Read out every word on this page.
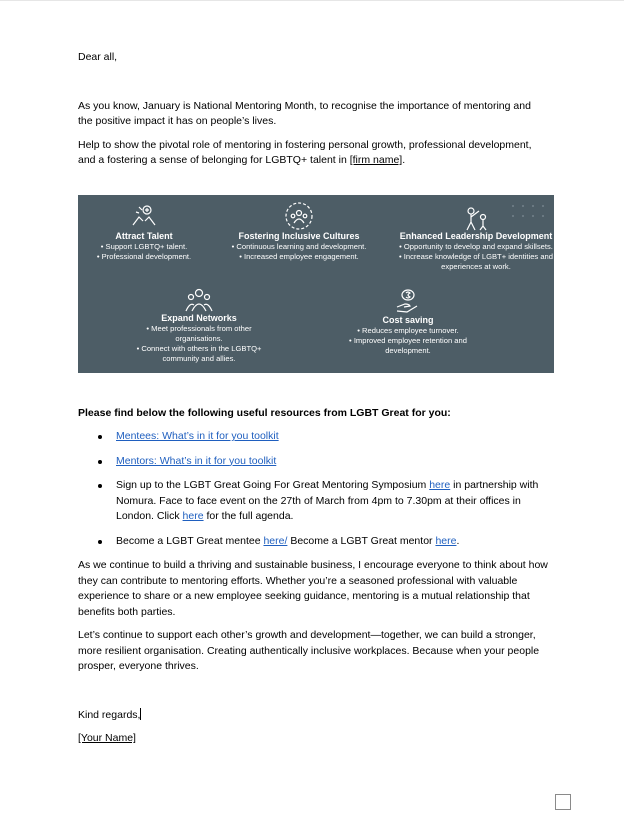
Dear all,

As you know, January is National Mentoring Month, to recognise the importance of mentoring and the positive impact it has on people’s lives.

Help to show the pivotal role of mentoring in fostering personal growth, professional development, and a fostering a sense of belonging for LGBTQ+ talent in [firm name].

Attract Talent
• Support LGBTQ+ talent.
• Professional development.
Fostering Inclusive Cultures
• Continuous learning and development.
• Increased employee engagement.
Enhanced Leadership Development
• Opportunity to develop and expand skillsets.
• Increase knowledge of LGBT+ identities and experiences at work.
Expand Networks
• Meet professionals from other organisations.
• Connect with others in the LGBTQ+ community and allies.
Cost saving
• Reduces employee turnover.
• Improved employee retention and development.

Please find below the following useful resources from LGBT Great for you:

Mentees: What’s in it for you toolkit
Mentors: What’s in it for you toolkit
Sign up to the LGBT Great Going For Great Mentoring Symposium here in partnership with Nomura. Face to face event on the 27th of March from 4pm to 7.30pm at their offices in London. Click here for the full agenda.
Become a LGBT Great mentee here/ Become a LGBT Great mentor here.

As we continue to build a thriving and sustainable business, I encourage everyone to think about how they can contribute to mentoring efforts. Whether you’re a seasoned professional with valuable experience to share or a new employee seeking guidance, mentoring is a mutual relationship that benefits both parties.

Let’s continue to support each other’s growth and development—together, we can build a stronger, more resilient organisation. Creating authentically inclusive workplaces. Because when your people prosper, everyone thrives.

Kind regards,

[Your Name]
